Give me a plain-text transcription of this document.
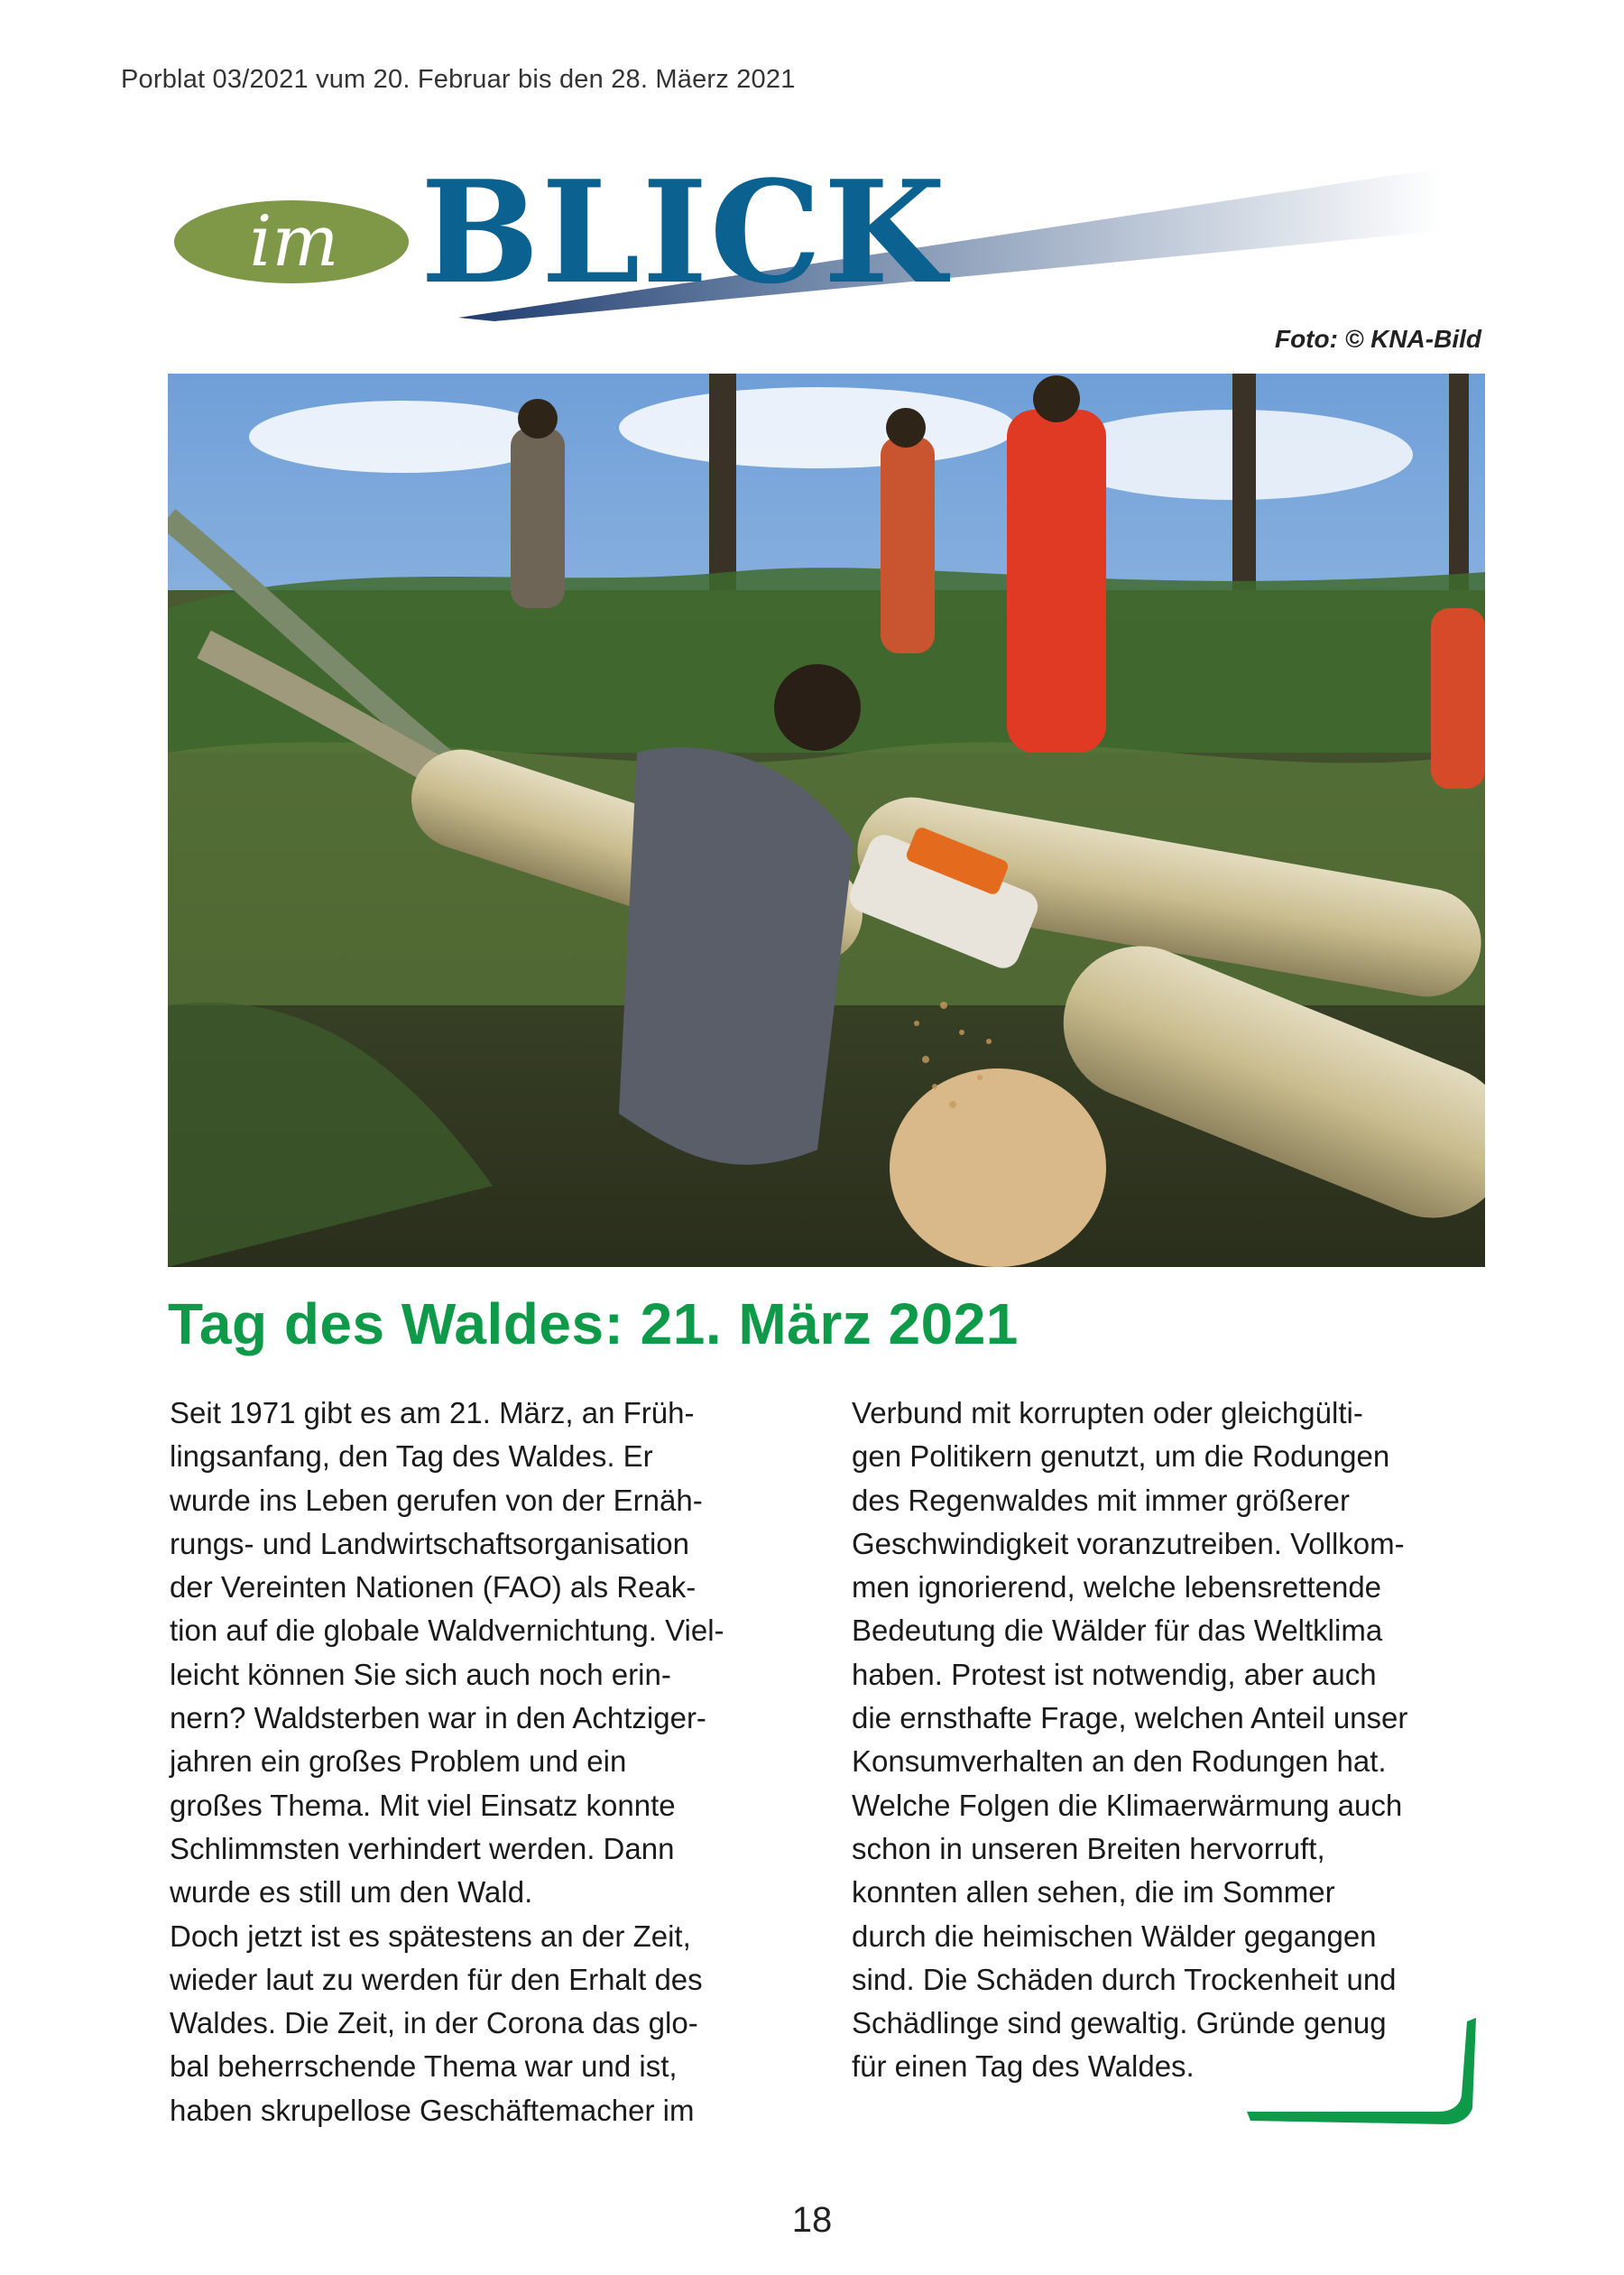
Porblat 03/2021 vum 20. Februar bis den 28. Mäerz 2021
im BLICK
Foto: © KNA-Bild
Tag des Waldes: 21. März 2021
Seit 1971 gibt es am 21. März, an Früh-
lingsanfang, den Tag des Waldes. Er
wurde ins Leben gerufen von der Ernäh-
rungs- und Landwirtschaftsorganisation
der Vereinten Nationen (FAO) als Reak-
tion auf die globale Waldvernichtung. Viel-
leicht können Sie sich auch noch erin-
nern? Waldsterben war in den Achtziger-
jahren ein großes Problem und ein
großes Thema. Mit viel Einsatz konnte
Schlimmsten verhindert werden. Dann
wurde es still um den Wald.
Doch jetzt ist es spätestens an der Zeit,
wieder laut zu werden für den Erhalt des
Waldes. Die Zeit, in der Corona das glo-
bal beherrschende Thema war und ist,
haben skrupellose Geschäftemacher im
Verbund mit korrupten oder gleichgülti-
gen Politikern genutzt, um die Rodungen
des Regenwaldes mit immer größerer
Geschwindigkeit voranzutreiben. Vollkom-
men ignorierend, welche lebensrettende
Bedeutung die Wälder für das Weltklima
haben. Protest ist notwendig, aber auch
die ernsthafte Frage, welchen Anteil unser
Konsumverhalten an den Rodungen hat.
Welche Folgen die Klimaerwärmung auch
schon in unseren Breiten hervorruft,
konnten allen sehen, die im Sommer
durch die heimischen Wälder gegangen
sind. Die Schäden durch Trockenheit und
Schädlinge sind gewaltig. Gründe genug
für einen Tag des Waldes.
18
